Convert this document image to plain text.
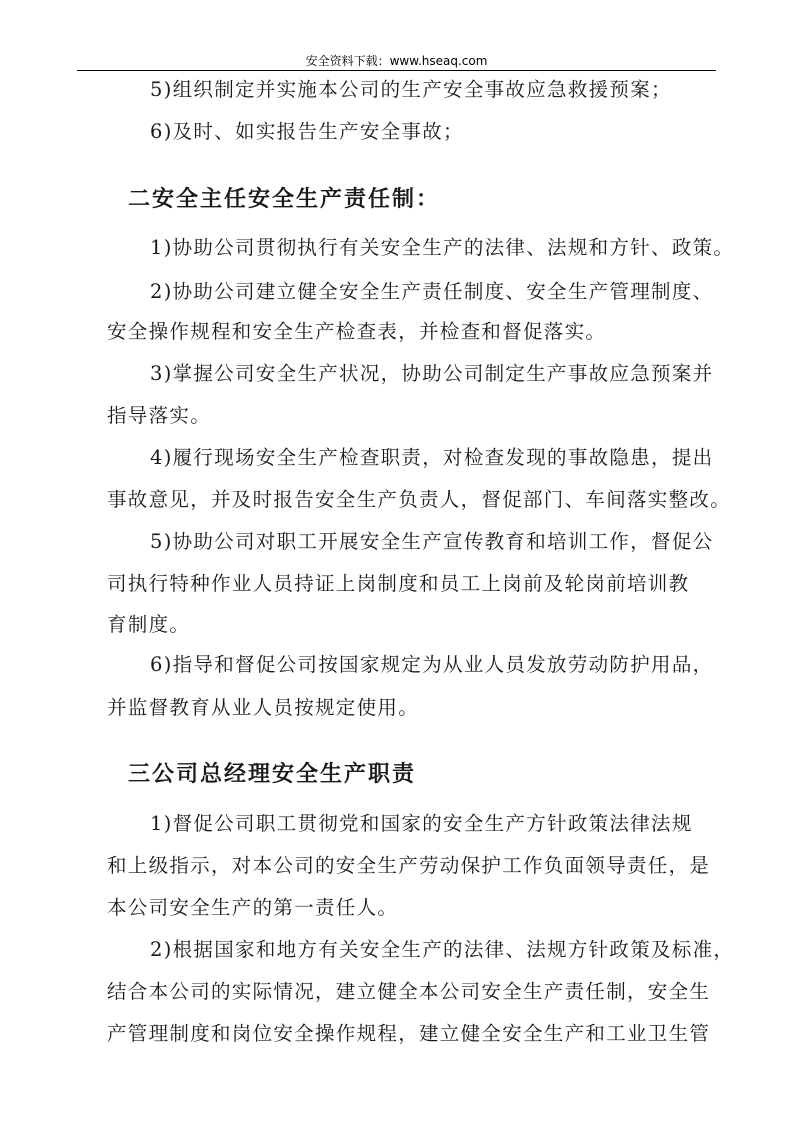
安全资料下载：www.hseaq.com
5)组织制定并实施本公司的生产安全事故应急救援预案；
6)及时、如实报告生产安全事故；
二安全主任安全生产责任制：
1)协助公司贯彻执行有关安全生产的法律、法规和方针、政策。
2)协助公司建立健全安全生产责任制度、安全生产管理制度、
安全操作规程和安全生产检查表，并检查和督促落实。
3)掌握公司安全生产状况，协助公司制定生产事故应急预案并
指导落实。
4)履行现场安全生产检查职责，对检查发现的事故隐患，提出
事故意见，并及时报告安全生产负责人，督促部门、车间落实整改。
5)协助公司对职工开展安全生产宣传教育和培训工作，督促公
司执行特种作业人员持证上岗制度和员工上岗前及轮岗前培训教
育制度。
6)指导和督促公司按国家规定为从业人员发放劳动防护用品，
并监督教育从业人员按规定使用。
三公司总经理安全生产职责
1)督促公司职工贯彻党和国家的安全生产方针政策法律法规
和上级指示，对本公司的安全生产劳动保护工作负面领导责任，是
本公司安全生产的第一责任人。
2)根据国家和地方有关安全生产的法律、法规方针政策及标准，
结合本公司的实际情况，建立健全本公司安全生产责任制，安全生
产管理制度和岗位安全操作规程，建立健全安全生产和工业卫生管
